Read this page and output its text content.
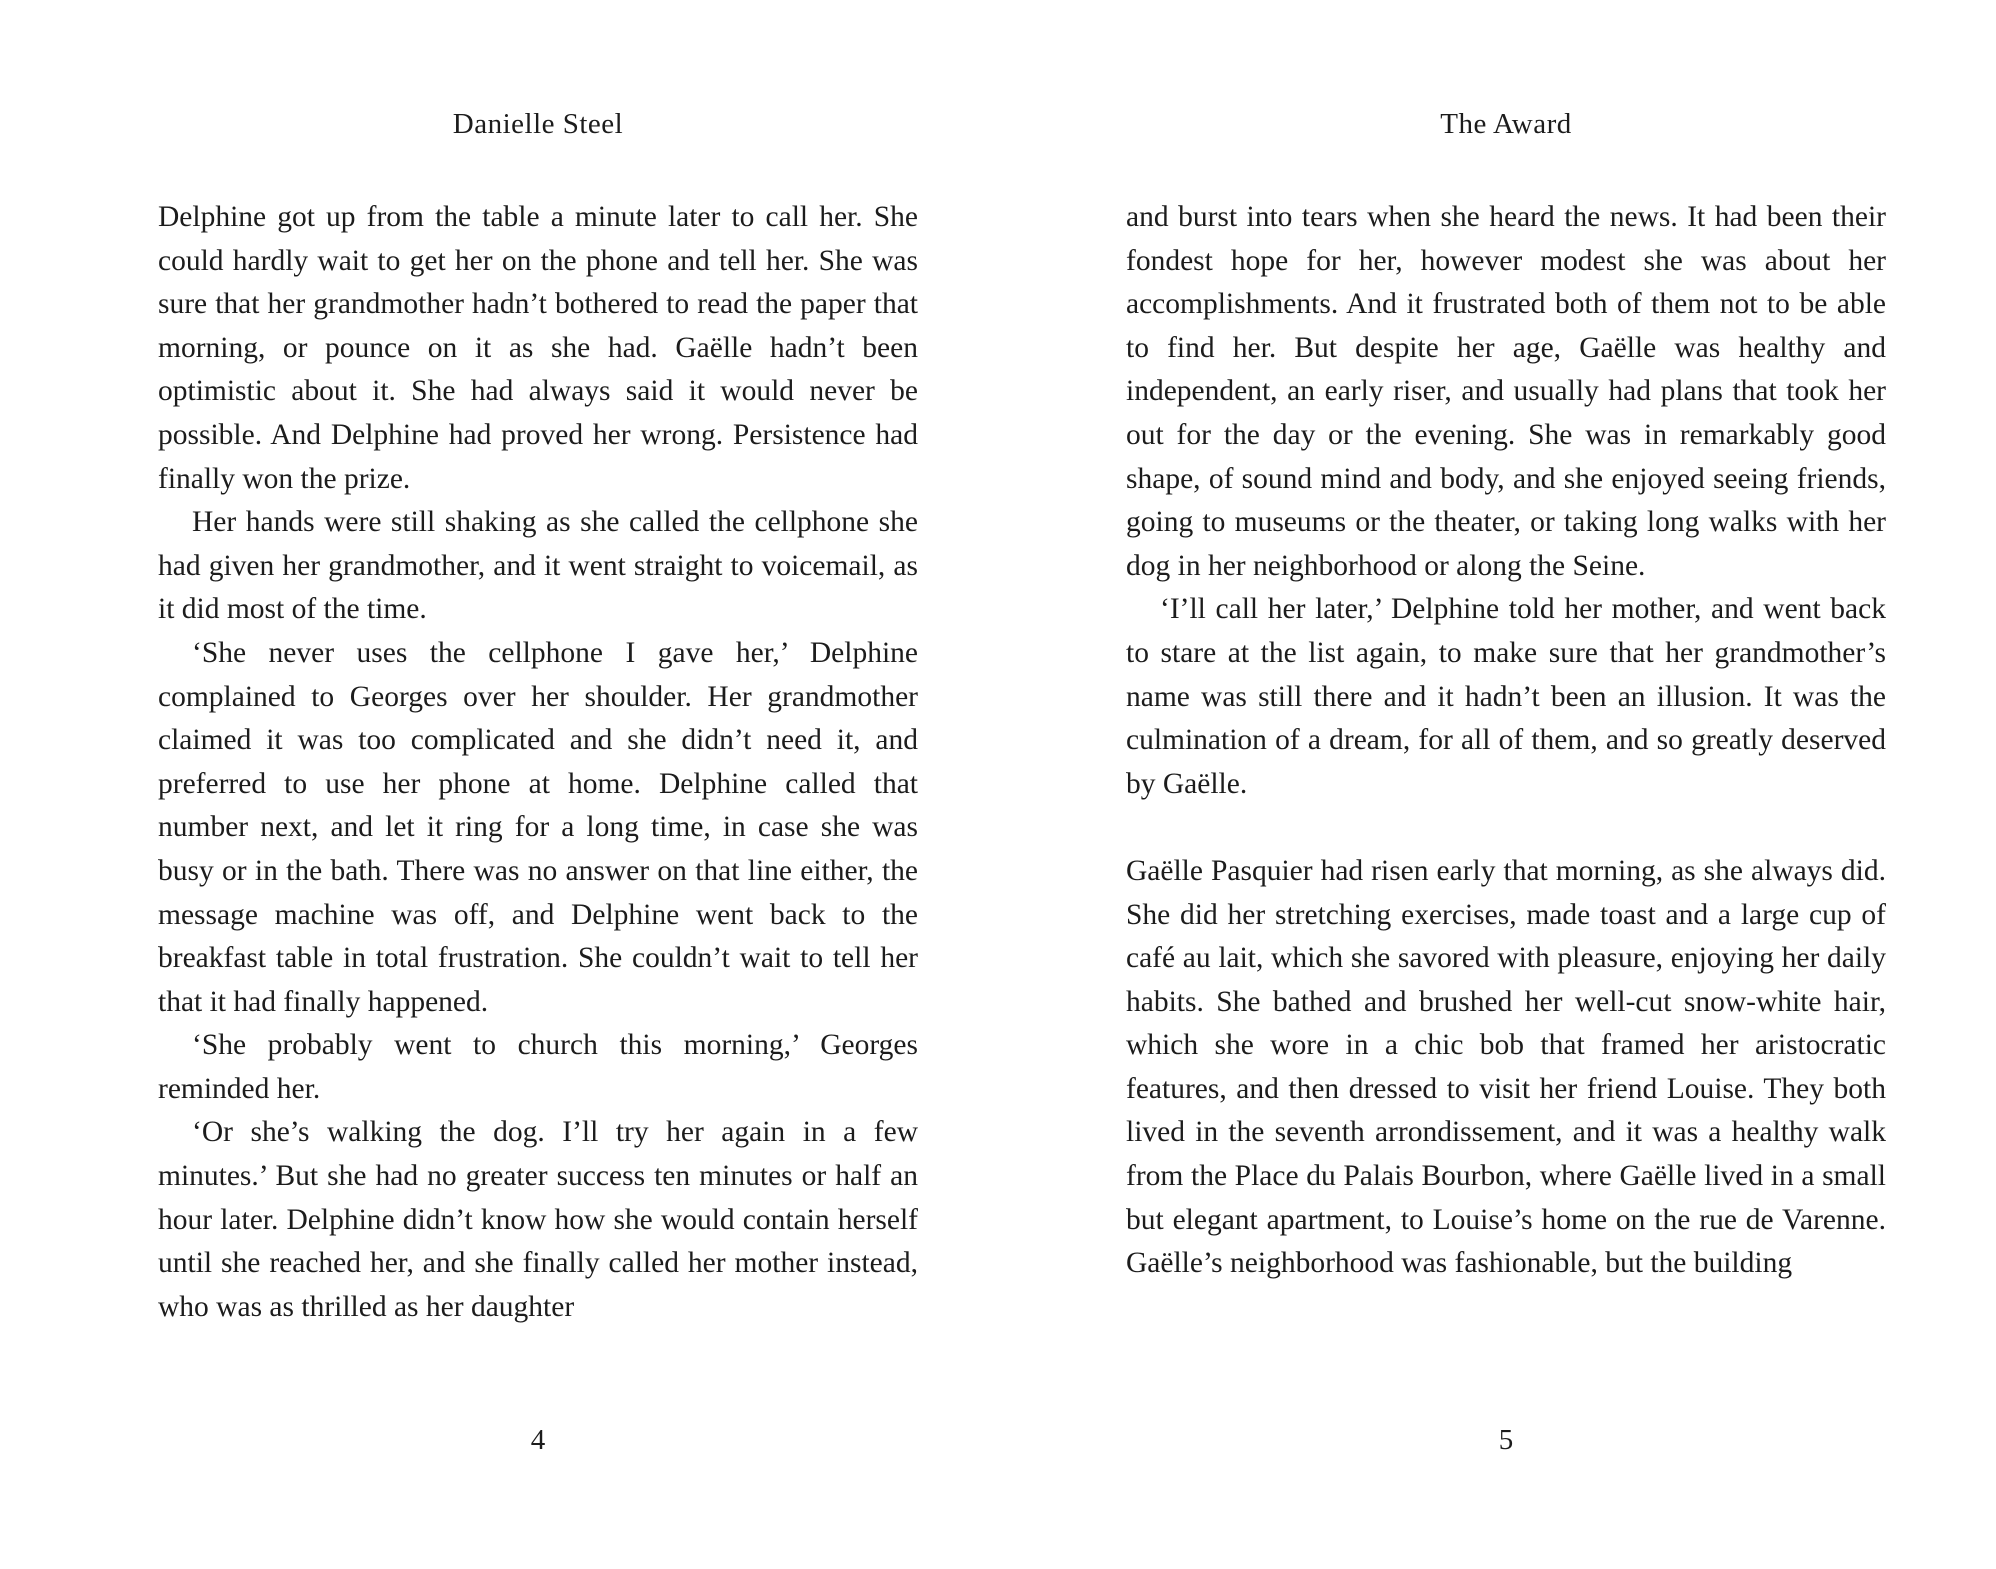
Danielle Steel

Delphine got up from the table a minute later to call her. She could hardly wait to get her on the phone and tell her. She was sure that her grandmother hadn’t bothered to read the paper that morning, or pounce on it as she had. Gaëlle hadn’t been optimistic about it. She had always said it would never be possible. And Delphine had proved her wrong. Persistence had finally won the prize.

Her hands were still shaking as she called the cellphone she had given her grandmother, and it went straight to voicemail, as it did most of the time.

‘She never uses the cellphone I gave her,’ Delphine complained to Georges over her shoulder. Her grandmother claimed it was too complicated and she didn’t need it, and preferred to use her phone at home. Delphine called that number next, and let it ring for a long time, in case she was busy or in the bath. There was no answer on that line either, the message machine was off, and Delphine went back to the breakfast table in total frustration. She couldn’t wait to tell her that it had finally happened.

‘She probably went to church this morning,’ Georges reminded her.

‘Or she’s walking the dog. I’ll try her again in a few minutes.’ But she had no greater success ten minutes or half an hour later. Delphine didn’t know how she would contain herself until she reached her, and she finally called her mother instead, who was as thrilled as her daughter

4
The Award

and burst into tears when she heard the news. It had been their fondest hope for her, however modest she was about her accomplishments. And it frustrated both of them not to be able to find her. But despite her age, Gaëlle was healthy and independent, an early riser, and usually had plans that took her out for the day or the evening. She was in remarkably good shape, of sound mind and body, and she enjoyed seeing friends, going to museums or the theater, or taking long walks with her dog in her neighborhood or along the Seine.

‘I’ll call her later,’ Delphine told her mother, and went back to stare at the list again, to make sure that her grandmother’s name was still there and it hadn’t been an illusion. It was the culmination of a dream, for all of them, and so greatly deserved by Gaëlle.

Gaëlle Pasquier had risen early that morning, as she always did. She did her stretching exercises, made toast and a large cup of café au lait, which she savored with pleasure, enjoying her daily habits. She bathed and brushed her well-cut snow-white hair, which she wore in a chic bob that framed her aristocratic features, and then dressed to visit her friend Louise. They both lived in the seventh arrondissement, and it was a healthy walk from the Place du Palais Bourbon, where Gaëlle lived in a small but elegant apartment, to Louise’s home on the rue de Varenne. Gaëlle’s neighborhood was fashionable, but the building

5
